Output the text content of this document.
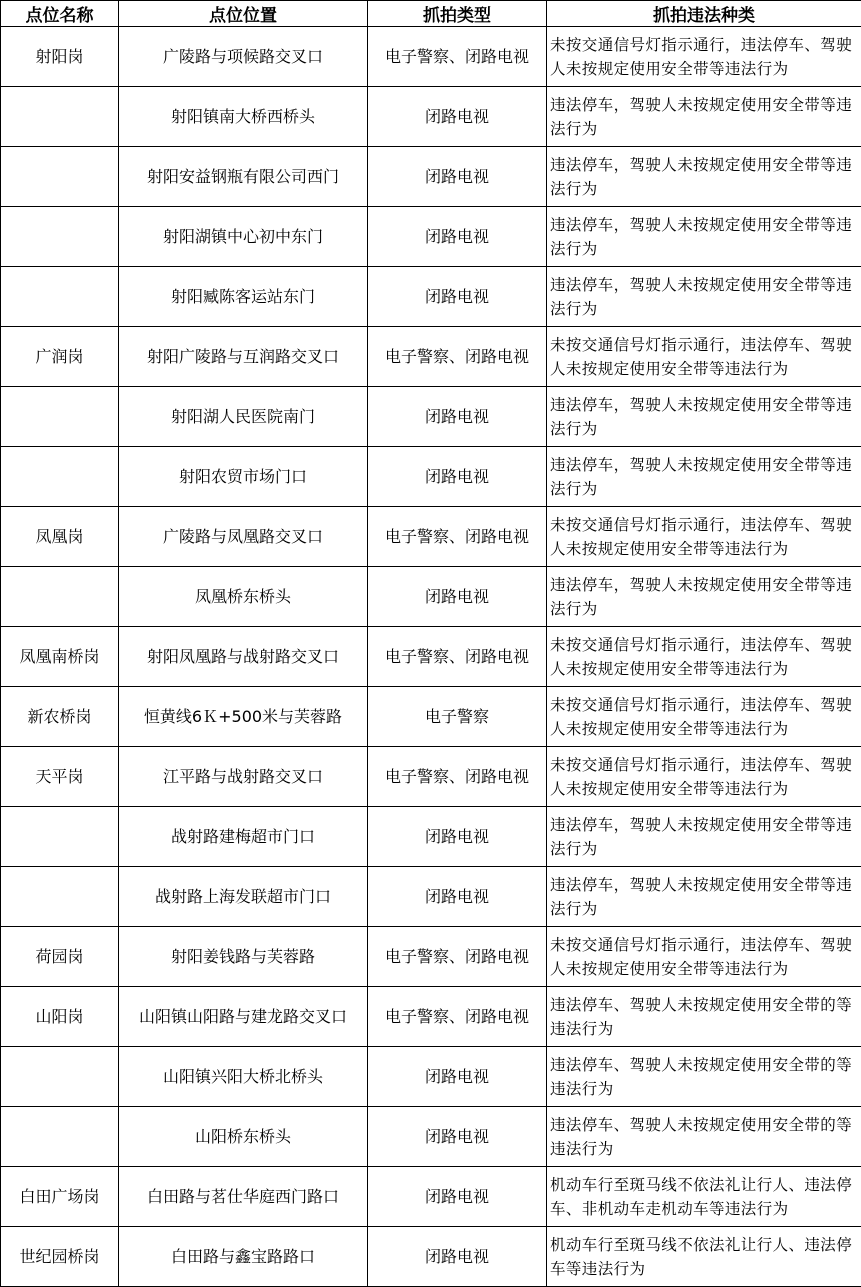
点位名称	点位位置	抓拍类型	抓拍违法种类
射阳岗	广陵路与项候路交叉口	电子警察、闭路电视	未按交通信号灯指示通行，违法停车、驾驶人未按规定使用安全带等违法行为
	射阳镇南大桥西桥头	闭路电视	违法停车，驾驶人未按规定使用安全带等违法行为
	射阳安益钢瓶有限公司西门	闭路电视	违法停车，驾驶人未按规定使用安全带等违法行为
	射阳湖镇中心初中东门	闭路电视	违法停车，驾驶人未按规定使用安全带等违法行为
	射阳臧陈客运站东门	闭路电视	违法停车，驾驶人未按规定使用安全带等违法行为
广润岗	射阳广陵路与互润路交叉口	电子警察、闭路电视	未按交通信号灯指示通行，违法停车、驾驶人未按规定使用安全带等违法行为
	射阳湖人民医院南门	闭路电视	违法停车，驾驶人未按规定使用安全带等违法行为
	射阳农贸市场门口	闭路电视	违法停车，驾驶人未按规定使用安全带等违法行为
凤凰岗	广陵路与凤凰路交叉口	电子警察、闭路电视	未按交通信号灯指示通行，违法停车、驾驶人未按规定使用安全带等违法行为
	凤凰桥东桥头	闭路电视	违法停车，驾驶人未按规定使用安全带等违法行为
凤凰南桥岗	射阳凤凰路与战射路交叉口	电子警察、闭路电视	未按交通信号灯指示通行，违法停车、驾驶人未按规定使用安全带等违法行为
新农桥岗	恒黄线6Ｋ+500米与芙蓉路	电子警察	未按交通信号灯指示通行，违法停车、驾驶人未按规定使用安全带等违法行为
天平岗	江平路与战射路交叉口	电子警察、闭路电视	未按交通信号灯指示通行，违法停车、驾驶人未按规定使用安全带等违法行为
	战射路建梅超市门口	闭路电视	违法停车，驾驶人未按规定使用安全带等违法行为
	战射路上海发联超市门口	闭路电视	违法停车，驾驶人未按规定使用安全带等违法行为
荷园岗	射阳姜钱路与芙蓉路	电子警察、闭路电视	未按交通信号灯指示通行，违法停车、驾驶人未按规定使用安全带等违法行为
山阳岗	山阳镇山阳路与建龙路交叉口	电子警察、闭路电视	违法停车、驾驶人未按规定使用安全带的等违法行为
	山阳镇兴阳大桥北桥头	闭路电视	违法停车、驾驶人未按规定使用安全带的等违法行为
	山阳桥东桥头	闭路电视	违法停车、驾驶人未按规定使用安全带的等违法行为
白田广场岗	白田路与茗仕华庭西门路口	闭路电视	机动车行至斑马线不依法礼让行人、违法停车、非机动车走机动车等违法行为
世纪园桥岗	白田路与鑫宝路路口	闭路电视	机动车行至斑马线不依法礼让行人、违法停车等违法行为
